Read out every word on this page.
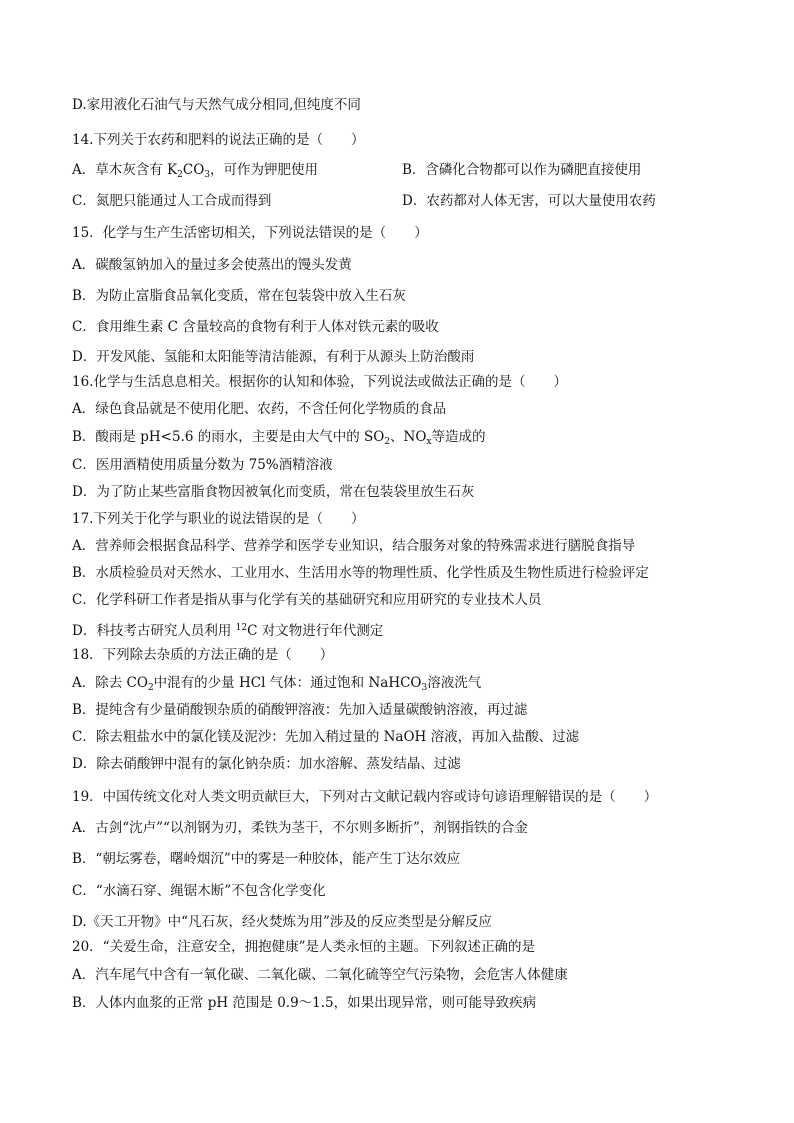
D.家用液化石油气与天然气成分相同,但纯度不同
14.下列关于农药和肥料的说法正确的是（ ）
A．草木灰含有 $K_2CO_3$，可作为钾肥使用	B．含磷化合物都可以作为磷肥直接使用
C．氮肥只能通过人工合成而得到	D．农药都对人体无害，可以大量使用农药
15．化学与生产生活密切相关，下列说法错误的是（ ）
A．碳酸氢钠加入的量过多会使蒸出的馒头发黄
B．为防止富脂食品氧化变质，常在包装袋中放入生石灰
C．食用维生素 C 含量较高的食物有利于人体对铁元素的吸收
D．开发风能、氢能和太阳能等清洁能源，有利于从源头上防治酸雨
16.化学与生活息息相关。根据你的认知和体验，下列说法或做法正确的是（ ）
A．绿色食品就是不使用化肥、农药，不含任何化学物质的食品
B．酸雨是 pH<5.6 的雨水，主要是由大气中的 $SO_2$、$NO_x$等造成的
C．医用酒精使用质量分数为 75%酒精溶液
D．为了防止某些富脂食物因被氧化而变质，常在包装袋里放生石灰
17.下列关于化学与职业的说法错误的是（ ）
A．营养师会根据食品科学、营养学和医学专业知识，结合服务对象的特殊需求进行膳脱食指导
B．水质检验员对天然水、工业用水、生活用水等的物理性质、化学性质及生物性质进行检验评定
C．化学科研工作者是指从事与化学有关的基础研究和应用研究的专业技术人员
D．科技考古研究人员利用 $^{12}$C 对文物进行年代测定
18．下列除去杂质的方法正确的是（ ）
A．除去 $CO_2$中混有的少量 HCl 气体：通过饱和 NaHCO$_3$溶液洗气
B．提纯含有少量硝酸钡杂质的硝酸钾溶液：先加入适量碳酸钠溶液，再过滤
C．除去粗盐水中的氯化镁及泥沙：先加入稍过量的 NaOH 溶液，再加入盐酸、过滤
D．除去硝酸钾中混有的氯化钠杂质：加水溶解、蒸发结晶、过滤
19．中国传统文化对人类文明贡献巨大，下列对古文献记载内容或诗句谚语理解错误的是（ ）
A．古剑“沈卢”“以剂钢为刃，柔铁为茎干，不尔则多断折”，剂钢指铁的合金
B．“朝坛雾卷，曙岭烟沉”中的雾是一种胶体，能产生丁达尔效应
C．“水滴石穿、绳锯木断”不包含化学变化
D.《天工开物》中“凡石灰，经火焚炼为用”涉及的反应类型是分解反应
20．“关爱生命，注意安全，拥抱健康”是人类永恒的主题。下列叙述正确的是
A．汽车尾气中含有一氧化碳、二氧化碳、二氧化硫等空气污染物，会危害人体健康
B．人体内血浆的正常 pH 范围是 0.9～1.5，如果出现异常，则可能导致疾病
